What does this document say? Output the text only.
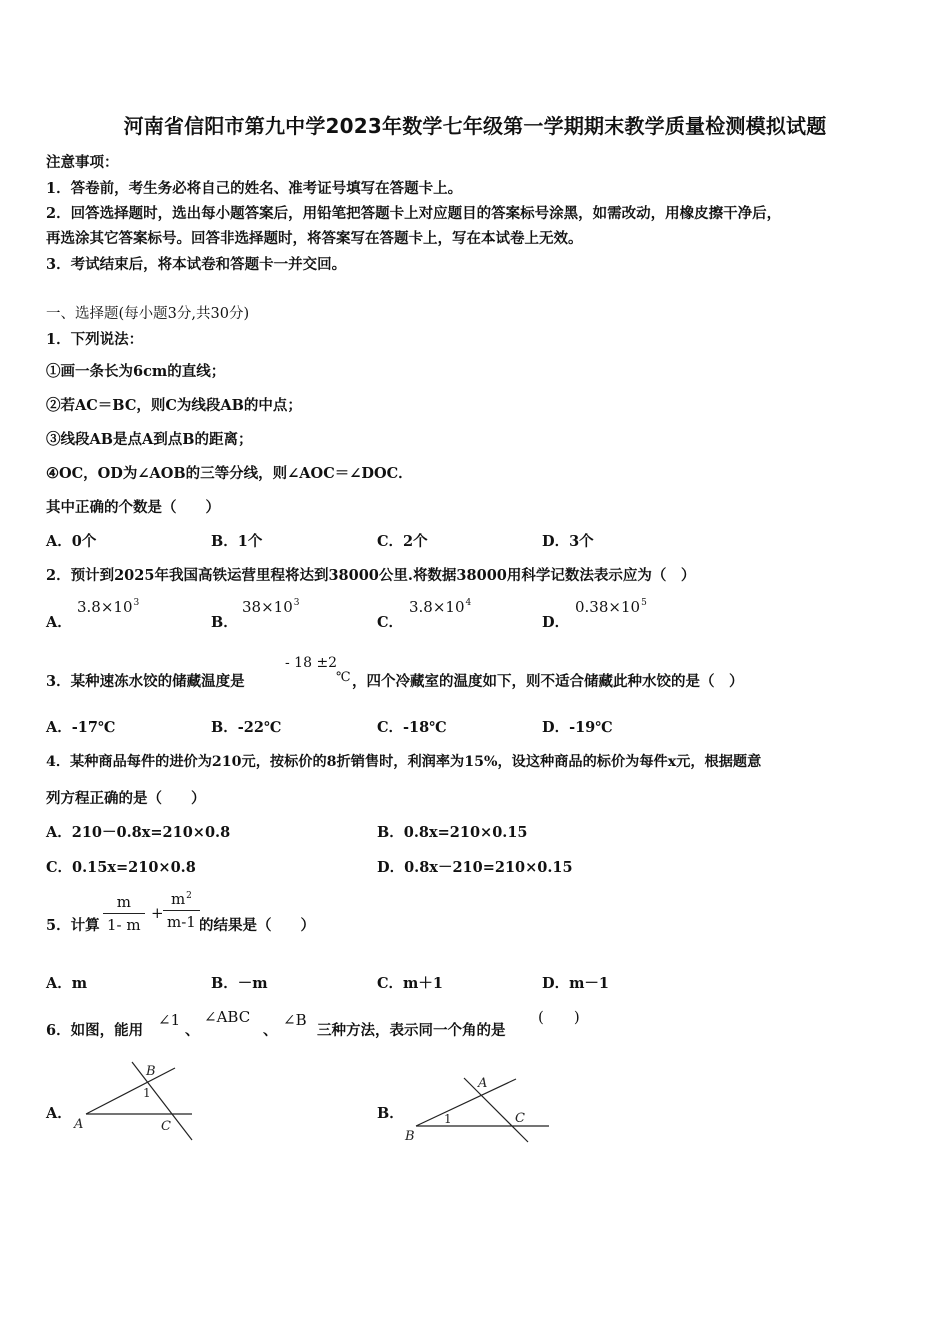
河南省信阳市第九中学2023年数学七年级第一学期期末教学质量检测模拟试题
注意事项：
1．答卷前，考生务必将自己的姓名、准考证号填写在答题卡上。
2．回答选择题时，选出每小题答案后，用铅笔把答题卡上对应题目的答案标号涂黑，如需改动，用橡皮擦干净后，
再选涂其它答案标号。回答非选择题时，将答案写在答题卡上，写在本试卷上无效。
3．考试结束后，将本试卷和答题卡一并交回。
一、选择题(每小题3分,共30分)
1．下列说法：
①画一条长为6cm的直线；
②若AC＝BC，则C为线段AB的中点；
③线段AB是点A到点B的距离；
④OC，OD为∠AOB的三等分线，则∠AOC＝∠DOC．
其中正确的个数是（　　）
A．0个	B．1个	C．2个	D．3个
2．预计到2025年我国高铁运营里程将达到38000公里.将数据38000用科学记数法表示应为（　）
A．
$3.8\times 10^3$
B．
$38\times 10^3$
C．
$3.8\times 10^4$
D．
$0.38\times 10^5$
3．某种速冻水饺的储藏温度是
- 18 ±2
℃ ，四个冷藏室的温度如下，则不适合储藏此种水饺的是（　）
A．-17℃	B．-22℃	C．-18℃	D．-19℃
4．某种商品每件的进价为210元，按标价的8折销售时，利润率为15%，设这种商品的标价为每件x元，根据题意
列方程正确的是（　　）
A．210－0.8x=210×0.8	B．0.8x=210×0.15
C．0.15x=210×0.8	D．0.8x－210=210×0.15
5．计算
m
1- m
+
$m^2$
m-1 的结果是（　　）
A．m	B．－m	C．m＋1	D．m－1
6．如图，能用
∠1
、
∠ABC
、
∠B
三种方法，表示同一个角的是
(　　)
A．
B
1
A	C
B．
A
1
B
C
